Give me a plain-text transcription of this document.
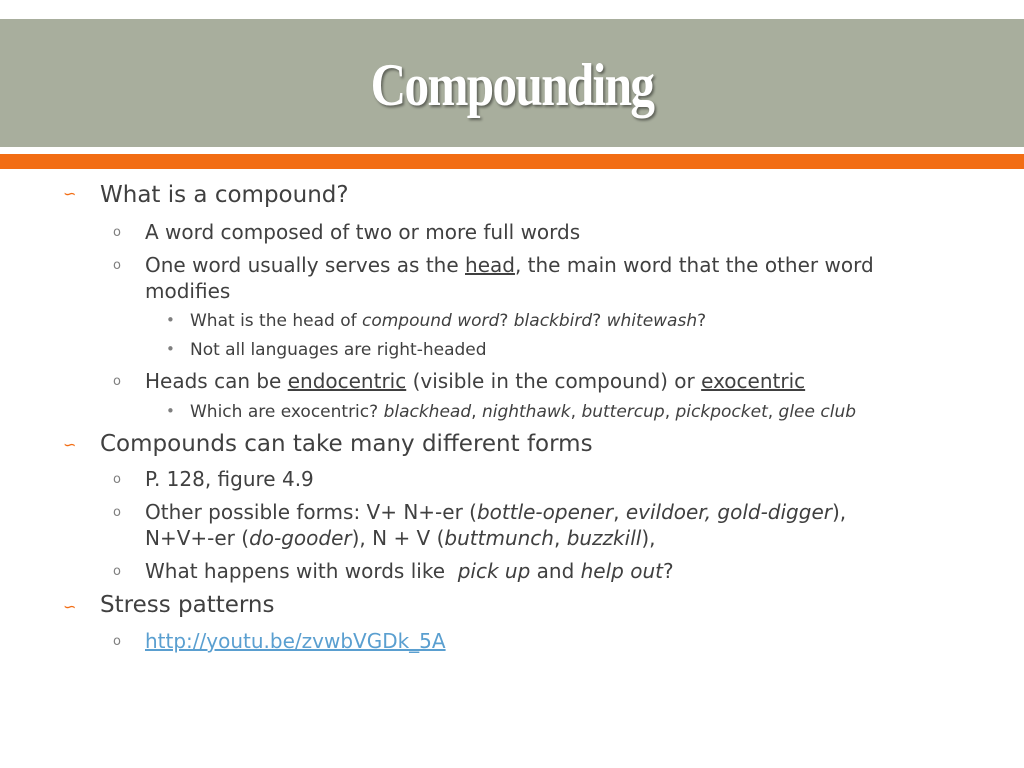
Compounding
∽ What is a compound?
o A word composed of two or more full words
o One word usually serves as the head, the main word that the other word
modifies
• What is the head of compound word? blackbird? whitewash?
• Not all languages are right-headed
o Heads can be endocentric (visible in the compound) or exocentric
• Which are exocentric? blackhead, nighthawk, buttercup, pickpocket, glee club
∽ Compounds can take many different forms
o P. 128, figure 4.9
o Other possible forms: V+ N+-er (bottle-opener, evildoer, gold-digger),
N+V+-er (do-gooder), N + V (buttmunch, buzzkill),
o What happens with words like  pick up and help out?
∽ Stress patterns
o http://youtu.be/zvwbVGDk_5A
